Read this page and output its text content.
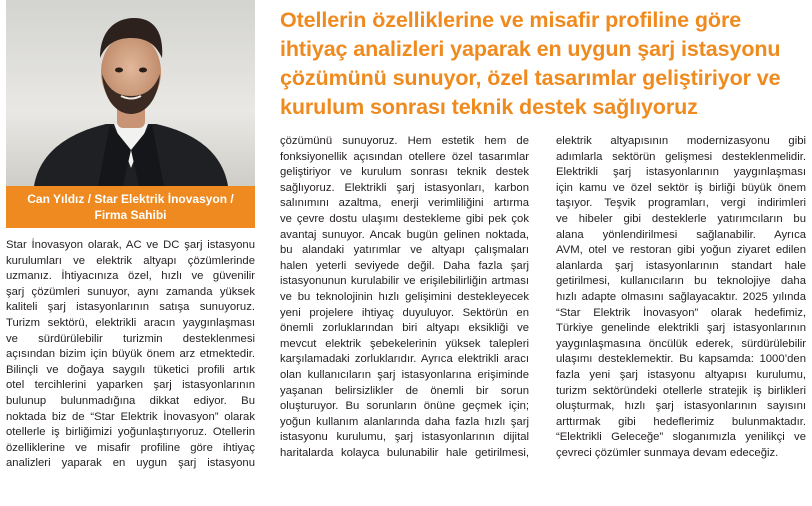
Can Yıldız / Star Elektrik İnovasyon /
Firma Sahibi
Otellerin özelliklerine ve misafir profiline göre ihtiyaç analizleri yaparak en uygun şarj istasyonu çözümünü sunuyor, özel tasarımlar geliştiriyor ve kurulum sonrası teknik destek sağlıyoruz
Star İnovasyon olarak, AC ve DC şarj istasyonu
kurulumları ve elektrik altyapı çözümlerinde
uzmanız. İhtiyacınıza özel, hızlı ve güvenilir
şarj çözümleri sunuyor, aynı zamanda yüksek
kaliteli şarj istasyonlarının satışa sunuyoruz.
Turizm sektörü, elektrikli aracın yaygınlaşması
ve sürdürülebilir turizmin desteklenmesi
açısından bizim için büyük önem arz etmektedir.
Bilinçli ve doğaya saygılı tüketici profili artık
otel tercihlerini yaparken şarj istasyonlarının
bulunup bulunmadığına dikkat ediyor. Bu
noktada biz de “Star Elektrik İnovasyon” olarak
otellerle iş birliğimizi yoğunlaştırıyoruz. Otellerin
özelliklerine ve misafir profiline göre ihtiyaç
analizleri yaparak en uygun şarj istasyonu
çözümünü sunuyoruz. Hem estetik hem de
fonksiyonellik açısından otellere özel tasarımlar
geliştiriyor ve kurulum sonrası teknik destek
sağlıyoruz. Elektrikli şarj istasyonları, karbon
salınımını azaltma, enerji verimliliğini artırma
ve çevre dostu ulaşımı destekleme gibi pek çok
avantaj sunuyor. Ancak bugün gelinen noktada,
bu alandaki yatırımlar ve altyapı çalışmaları
halen yeterli seviyede değil. Daha fazla şarj
istasyonunun kurulabilir ve erişilebilirliğin artması
ve bu teknolojinin hızlı gelişimini destekleyecek
yeni projelere ihtiyaç duyuluyor. Sektörün en
önemli zorluklarından biri altyapı eksikliği ve
mevcut elektrik şebekelerinin yüksek talepleri
karşılamadaki zorluklarıdır. Ayrıca elektrikli aracı
olan kullanıcıların şarj istasyonlarına erişiminde
yaşanan belirsizlikler de önemli bir sorun
oluşturuyor. Bu sorunların önüne geçmek için;
yoğun kullanım alanlarında daha fazla hızlı şarj
istasyonu kurulumu, şarj istasyonlarının dijital
haritalarda kolayca bulunabilir hale getirilmesi,
elektrik altyapısının modernizasyonu gibi
adımlarla sektörün gelişmesi desteklenmelidir.
Elektrikli şarj istasyonlarının yaygınlaşması
için kamu ve özel sektör iş birliği büyük önem
taşıyor. Teşvik programları, vergi indirimleri
ve hibeler gibi desteklerle yatırımcıların bu
alana yönlendirilmesi sağlanabilir. Ayrıca
AVM, otel ve restoran gibi yoğun ziyaret edilen
alanlarda şarj istasyonlarının standart hale
getirilmesi, kullanıcıların bu teknolojiye daha
hızlı adapte olmasını sağlayacaktır. 2025 yılında
“Star Elektrik İnovasyon” olarak hedefimiz,
Türkiye genelinde elektrikli şarj istasyonlarının
yaygınlaşmasına öncülük ederek, sürdürülebilir
ulaşımı desteklemektir. Bu kapsamda: 1000’den
fazla yeni şarj istasyonu altyapısı kurulumu,
turizm sektöründeki otellerle stratejik iş birlikleri
oluşturmak, hızlı şarj istasyonlarının sayısını
arttırmak gibi hedeflerimiz bulunmaktadır.
“Elektrikli Geleceğe” sloganımızla yenilikçi ve
çevreci çözümler sunmaya devam edeceğiz.
